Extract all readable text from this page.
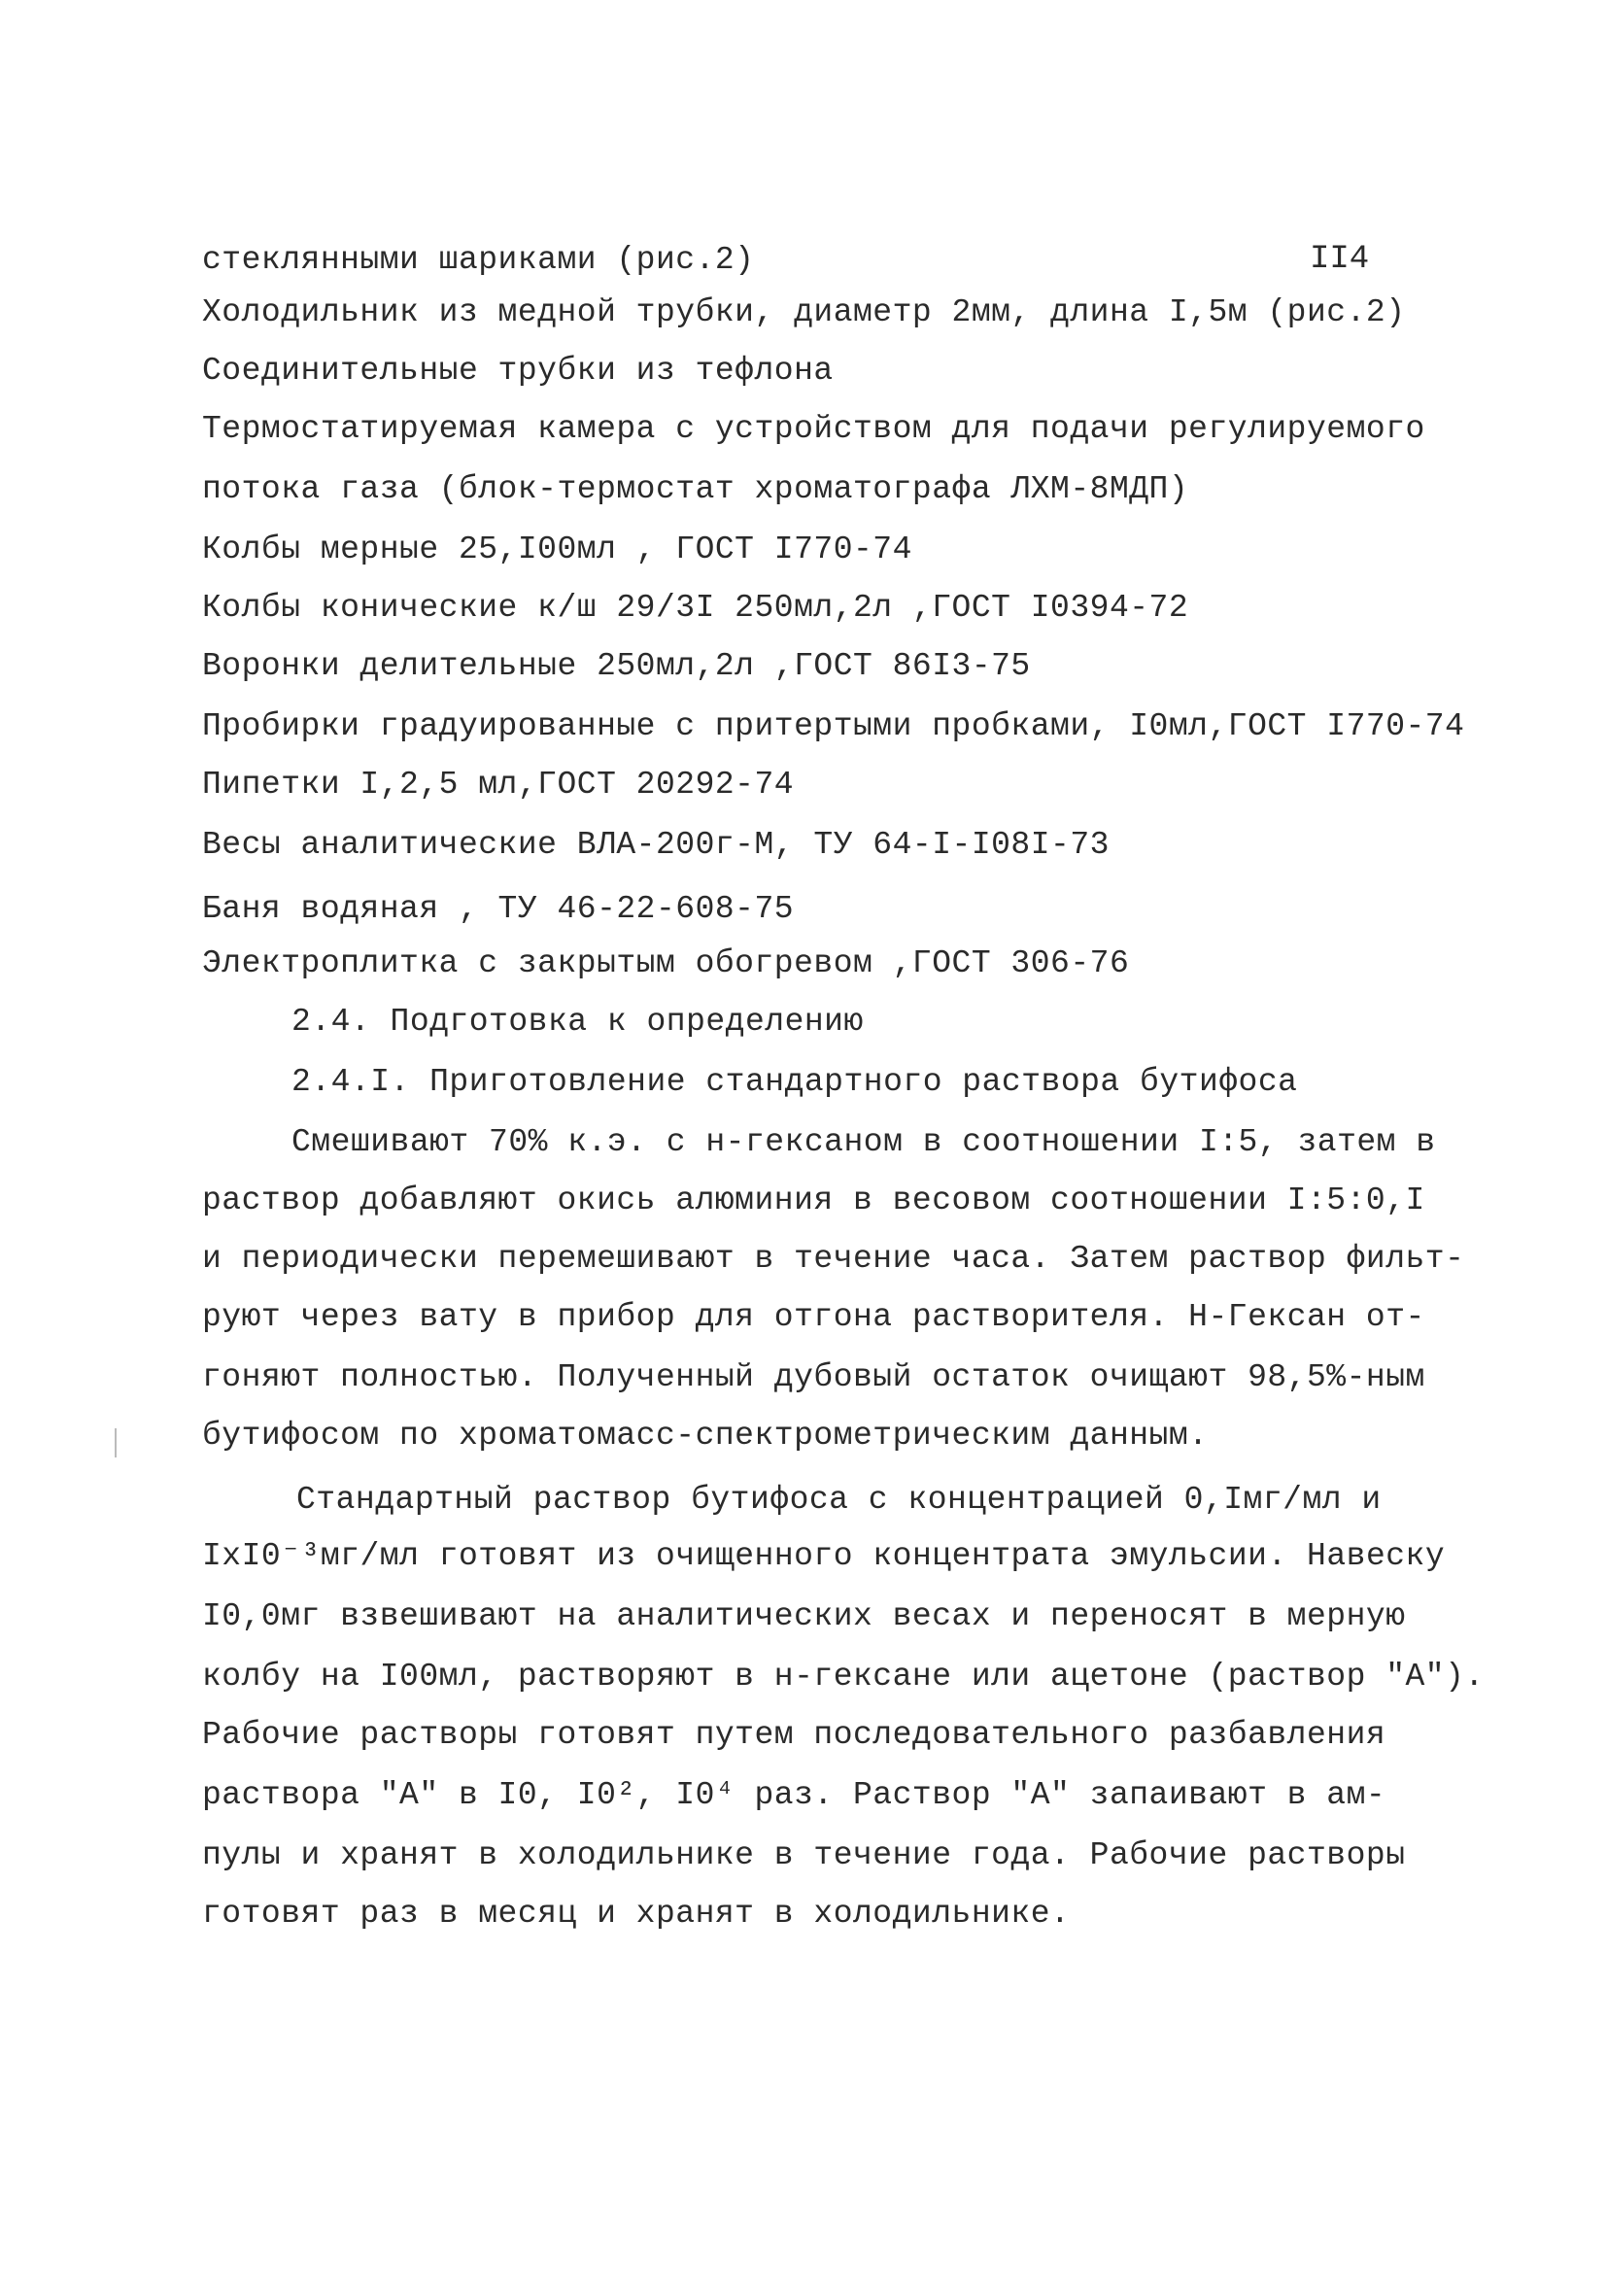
II4
стеклянными шариками (рис.2)
Холодильник из медной трубки, диаметр 2мм, длина I,5м (рис.2)
Соединительные трубки из тефлона
Термостатируемая камера с устройством для подачи регулируемого
потока газа (блок-термостат хроматографа ЛХМ-8МДП)
Колбы мерные 25,I00мл , ГОСТ I770-74
Колбы конические к/ш 29/3I 250мл,2л ,ГОСТ I0394-72
Воронки делительные 250мл,2л ,ГОСТ 86I3-75
Пробирки градуированные с притертыми пробками, I0мл,ГОСТ I770-74
Пипетки I,2,5 мл,ГОСТ 20292-74
Весы аналитические ВЛА-200г-М, ТУ 64-I-I08I-73
Баня водяная , ТУ 46-22-608-75
Электроплитка с закрытым обогревом ,ГОСТ 306-76
2.4. Подготовка к определению
2.4.I. Приготовление стандартного раствора бутифоса
Смешивают 70% к.э. с н-гексаном в соотношении I:5, затем в
раствор добавляют окись алюминия в весовом соотношении I:5:0,I
и периодически перемешивают в течение часа. Затем раствор фильт-
руют через вату в прибор для отгона растворителя. Н-Гексан от-
гоняют полностью. Полученный дубовый остаток очищают 98,5%-ным
бутифосом по хроматомасс-спектрометрическим данным.
Стандартный раствор бутифоса с концентрацией 0,Iмг/мл и
IxI0⁻³мг/мл готовят из очищенного концентрата эмульсии. Навеску
I0,0мг взвешивают на аналитических весах и переносят в мерную
колбу на I00мл, растворяют в н-гексане или ацетоне (раствор "А").
Рабочие растворы готовят путем последовательного разбавления
раствора "А" в I0, I0², I0⁴ раз. Раствор "А" запаивают в ам-
пулы и хранят в холодильнике в течение года. Рабочие растворы
готовят раз в месяц и хранят в холодильнике.
